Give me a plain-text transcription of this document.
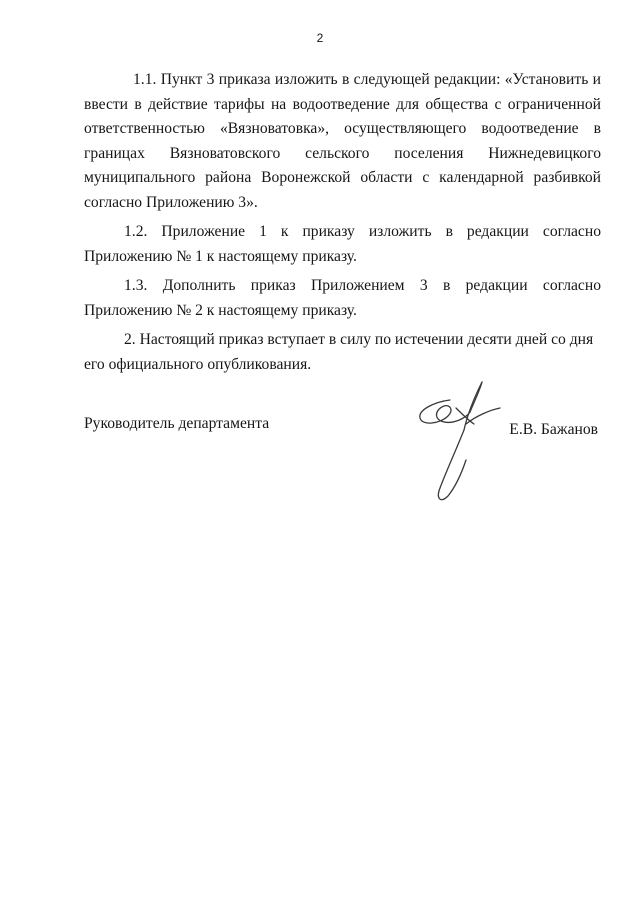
2

1.1. Пункт 3 приказа изложить в следующей редакции: «Установить и ввести в действие тарифы на водоотведение для общества с ограниченной ответственностью «Вязноватовка», осуществляющего водоотведение в границах Вязноватовского сельского поселения Нижнедевицкого муниципального района Воронежской области с календарной разбивкой согласно Приложению 3».

1.2. Приложение 1 к приказу изложить в редакции согласно Приложению № 1 к настоящему приказу.

1.3. Дополнить приказ Приложением 3 в редакции согласно Приложению № 2 к настоящему приказу.

2. Настоящий приказ вступает в силу по истечении десяти дней со дня его официального опубликования.

Руководитель департамента	Е.В. Бажанов
